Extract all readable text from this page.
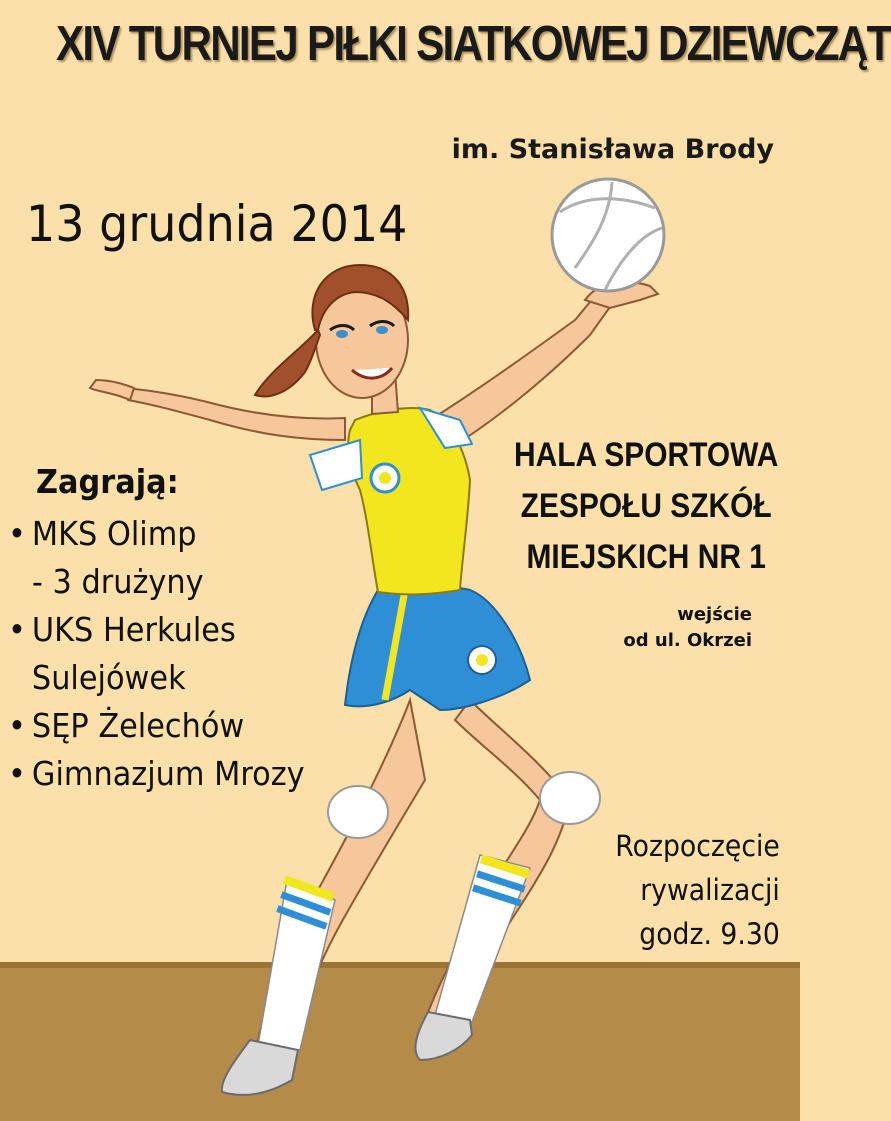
XIV TURNIEJ PIŁKI SIATKOWEJ DZIEWCZĄT
im. Stanisława Brody
13 grudnia 2014
Zagrają:
• MKS Olimp
- 3 drużyny
• UKS Herkules
Sulejówek
• SĘP Żelechów
• Gimnazjum Mrozy
HALA SPORTOWA
ZESPOŁU SZKÓŁ
MIEJSKICH NR 1
wejście
od ul. Okrzei
Rozpoczęcie
rywalizacji
godz. 9.30
